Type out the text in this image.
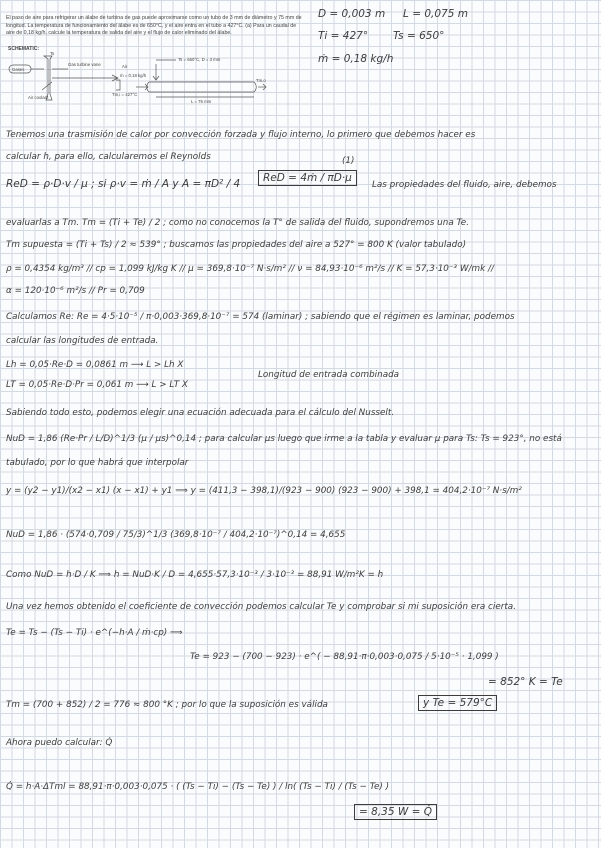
El paso de aire para refrigerar un álabe de turbina de gas puede aproximarse como un tubo de 3 mm de diámetro y 75 mm de longitud. La temperatura de funcionamiento del álabe es de 650°C, y el aire entra en el tubo a 427°C. (a) Para un caudal de aire de 0,18 kg/h, calcule la temperatura de salida del aire y el flujo de calor eliminado del álabe.

SCHEMATIC:
Gases
Gas turbine vane	Air
ṁ = 0.18 kg/h
Ts = 650°C, D = 3 mm
Tm,i = 427°C
Tm,o
L = 75 mm
Air coolant
Ts
D = 0,003 m L = 0,075 m
Ti = 427° Ts = 650°
ṁ = 0,18 kg/h
Tenemos una trasmisión de calor por convección forzada y flujo interno, lo primero que debemos hacer es
calcular h, para ello, calcularemos el Reynolds
ReD = ρ·D·v / μ ; si ρ·v = ṁ / A y A = πD² / 4
(1)
ReD = 4ṁ / πD·μ
Las propiedades del fluido, aire, debemos
evaluarlas a Tm. Tm = (Ti + Te) / 2 ; como no conocemos la T° de salida del fluido, supondremos una Te.
Tm supuesta = (Ti + Ts) / 2 ≈ 539° ; buscamos las propiedades del aire a 527° = 800 K (valor tabulado)
ρ = 0,4354 kg/m³ // cp = 1,099 kJ/kg K // μ = 369,8·10⁻⁷ N·s/m² // ν = 84,93·10⁻⁶ m²/s // K = 57,3·10⁻³ W/mk //
α = 120·10⁻⁶ m²/s // Pr = 0,709
Calculamos Re: Re = 4·5·10⁻⁵ / π·0,003·369,8·10⁻⁷ = 574 (laminar) ; sabiendo que el régimen es laminar, podemos
calcular las longitudes de entrada.
Lh = 0,05·Re·D = 0,0861 m ⟶ L > Lh X
LT = 0,05·Re·D·Pr = 0,061 m ⟶ L > LT X
Longitud de entrada combinada
Sabiendo todo esto, podemos elegir una ecuación adecuada para el cálculo del Nusselt.
NuD = 1,86 (Re·Pr / L/D)^1/3 (μ / μs)^0,14 ; para calcular μs luego que irme a la tabla y evaluar μ para Ts: Ts = 923°, no está
tabulado, por lo que habrá que interpolar
y = (y2 − y1)/(x2 − x1) (x − x1) + y1 ⟹ y = (411,3 − 398,1)/(923 − 900) (923 − 900) + 398,1 = 404,2·10⁻⁷ N·s/m²
NuD = 1,86 · (574·0,709 / 75/3)^1/3 (369,8·10⁻⁷ / 404,2·10⁻⁷)^0,14 = 4,655
Como NuD = h·D / K ⟹ h = NuD·K / D = 4,655·57,3·10⁻³ / 3·10⁻³ = 88,91 W/m²K = h
Una vez hemos obtenido el coeficiente de convección podemos calcular Te y comprobar si mi suposición era cierta.
Te = Ts − (Ts − Ti) · e^(−h·A / ṁ·cp) ⟹
Te = 923 − (700 − 923) · e^( − 88,91·π·0,003·0,075 / 5·10⁻⁵ · 1,099 )
= 852° K = Te
Tm = (700 + 852) / 2 = 776 ≈ 800 °K ; por lo que la suposición es válida	y Te = 579°C
Ahora puedo calcular: Q̇
Q̇ = h·A·ΔTml = 88,91·π·0,003·0,075 · ( (Ts − Ti) − (Ts − Te) ) / ln( (Ts − Ti) / (Ts − Te) )
= 8,35 W = Q̇
